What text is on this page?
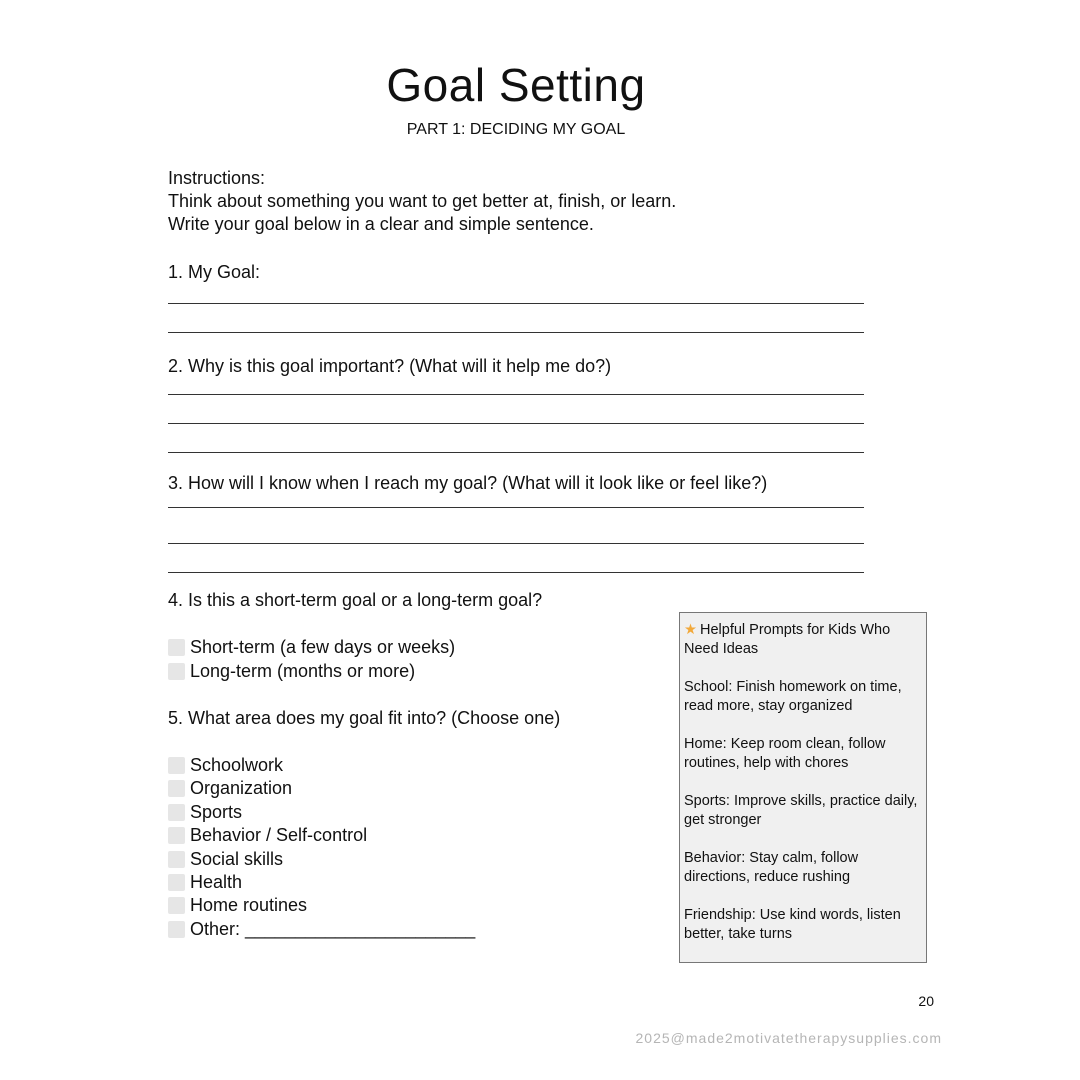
Goal Setting
PART 1: DECIDING MY GOAL
Instructions:
Think about something you want to get better at, finish, or learn.
Write your goal below in a clear and simple sentence.
1. My Goal:
2. Why is this goal important? (What will it help me do?)
3. How will I know when I reach my goal? (What will it look like or feel like?)
4. Is this a short-term goal or a long-term goal?
Short-term (a few days or weeks)
Long-term (months or more)
5. What area does my goal fit into? (Choose one)
Schoolwork
Organization
Sports
Behavior / Self-control
Social skills
Health
Home routines
Other: _______________________

★ Helpful Prompts for Kids Who Need Ideas

School: Finish homework on time, read more, stay organized

Home: Keep room clean, follow routines, help with chores

Sports: Improve skills, practice daily, get stronger

Behavior: Stay calm, follow directions, reduce rushing

Friendship: Use kind words, listen better, take turns

20
2025@made2motivatetherapysupplies.com
